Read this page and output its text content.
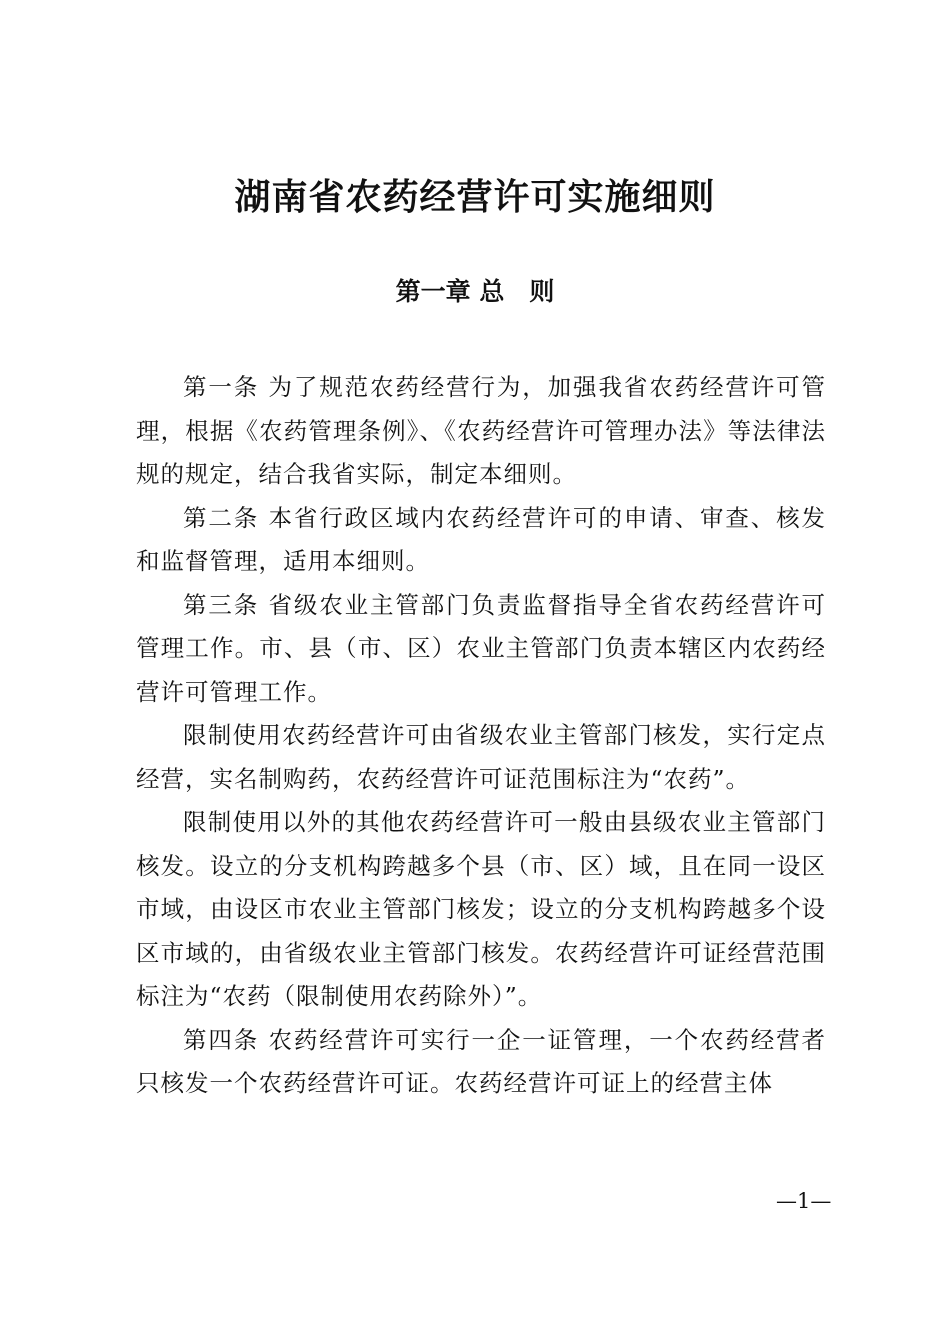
湖南省农药经营许可实施细则
第一章 总　则

第一条 为了规范农药经营行为，加强我省农药经营许可管理，根据《农药管理条例》、《农药经营许可管理办法》等法律法规的规定，结合我省实际，制定本细则。

第二条 本省行政区域内农药经营许可的申请、审查、核发和监督管理，适用本细则。

第三条 省级农业主管部门负责监督指导全省农药经营许可管理工作。市、县（市、区）农业主管部门负责本辖区内农药经营许可管理工作。

限制使用农药经营许可由省级农业主管部门核发，实行定点经营，实名制购药，农药经营许可证范围标注为“农药”。

限制使用以外的其他农药经营许可一般由县级农业主管部门核发。设立的分支机构跨越多个县（市、区）域，且在同一设区市域，由设区市农业主管部门核发；设立的分支机构跨越多个设区市域的，由省级农业主管部门核发。农药经营许可证经营范围标注为“农药（限制使用农药除外）”。

第四条 农药经营许可实行一企一证管理，一个农药经营者只核发一个农药经营许可证。农药经营许可证上的经营主体

—1—
